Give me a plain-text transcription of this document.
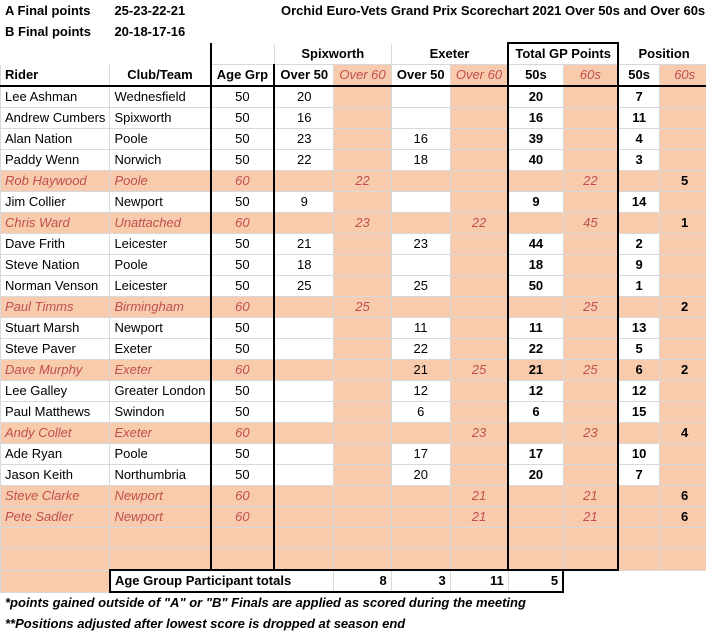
A Final points	25-23-22-21	Orchid Euro-Vets Grand Prix Scorechart 2021 Over 50s and Over 60s								
B Final points	20-18-17-16									
			Spixworth		Exeter		Total GP Points		Position	
Rider	Club/Team	Age Grp	Over 50	Over 60	Over 50	Over 60	50s	60s	50s	60s
Lee Ashman	Wednesfield	50	20				20		7	
Andrew Cumbers	Spixworth	50	16				16		11	
Alan Nation	Poole	50	23		16		39		4	
Paddy Wenn	Norwich	50	22		18		40		3	
Rob Haywood	Poole	60		22				22		5
Jim Collier	Newport	50	9				9		14	
Chris Ward	Unattached	60		23		22		45		1
Dave Frith	Leicester	50	21		23		44		2	
Steve Nation	Poole	50	18				18		9	
Norman Venson	Leicester	50	25		25		50		1	
Paul Timms	Birmingham	60		25				25		2
Stuart Marsh	Newport	50			11		11		13	
Steve Paver	Exeter	50			22		22		5	
Dave Murphy	Exeter	60			21	25	21	25	6	2
Lee Galley	Greater London	50			12		12		12	
Paul Matthews	Swindon	50			6		6		15	
Andy Collet	Exeter	60				23		23		4
Ade Ryan	Poole	50			17		17		10	
Jason Keith	Northumbria	50			20		20		7	
Steve Clarke	Newport	60				21		21		6
Pete Sadler	Newport	60				21		21		6

	Age Group Participant totals			8	3	11	5			
*points gained outside of "A" or "B" Finals are applied as scored during the meeting										
**Positions adjusted after lowest score is dropped at season end										
